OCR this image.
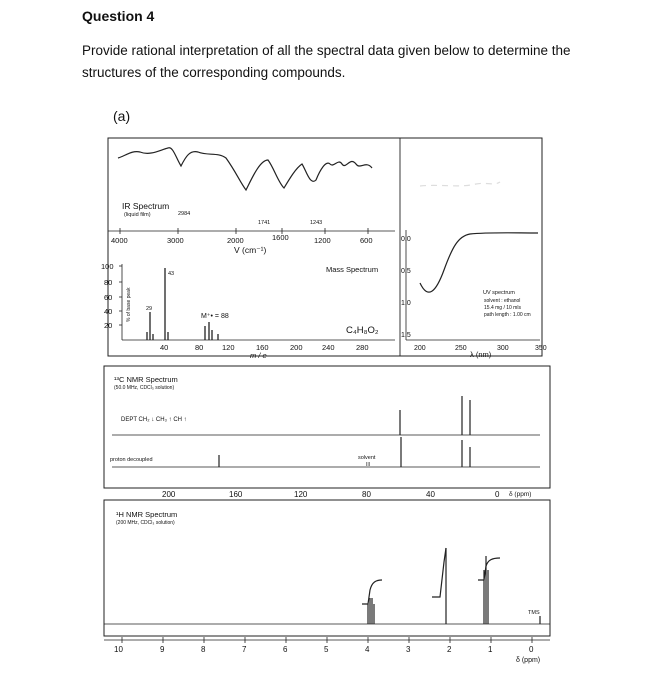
Question 4
Provide rational interpretation of all the spectral data given below to determine the structures of the corresponding compounds.
(a)
IR Spectrum
(liquid film)	2984
1741	1243
4000	3000	2000	1600	1200	600
V (cm⁻¹)
100
80
60
40
20
% of base peak
43
29
M⁺• = 88
Mass Spectrum
C₄H₈O₂
40	80 120	160	200	240	280
m / e
0.0
0.5
1.0
1.5
UV spectrum
solvent : ethanol
15.4 mg / 10 mls
path length : 1.00 cm
200	250	300	350
λ (nm)
¹³C NMR Spectrum
(50.0 MHz, CDCl₃ solution)
DEPT CH₂ ↓ CH₃ ↑ CH ↑
proton decoupled	solvent
III
200	160	120	80	40	0 δ (ppm)
¹H NMR Spectrum
(200 MHz, CDCl₃ solution)
TMS
10	9	8	7	6	5	4	3	2	1	0
δ (ppm)
